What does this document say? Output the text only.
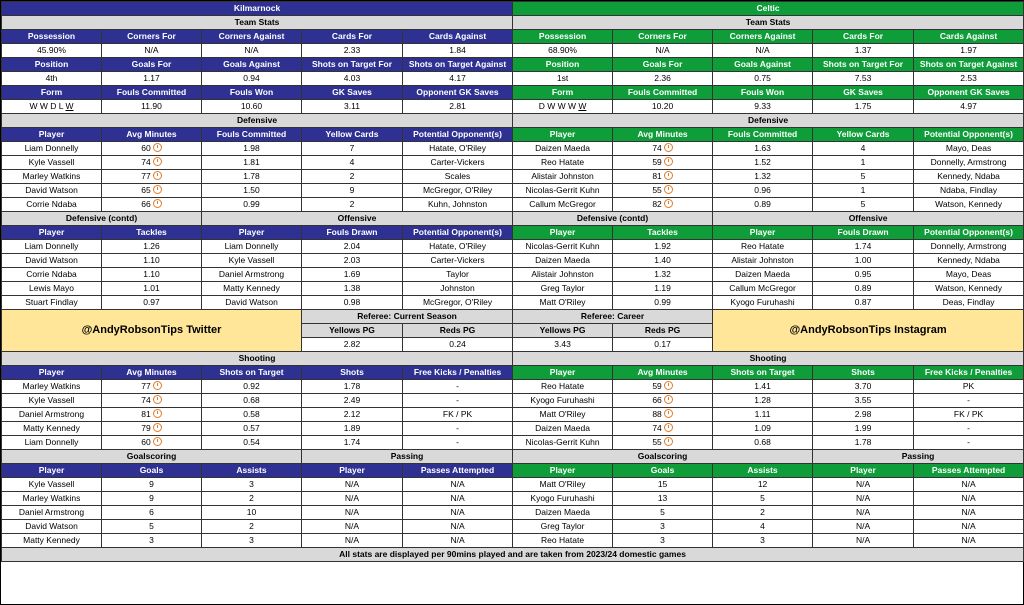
Kilmarnock					Celtic				
Team Stats					Team Stats				
Possession	Corners For	Corners Against	Cards For	Cards Against	Possession	Corners For	Corners Against	Cards For	Cards Against
45.90%	N/A	N/A	2.33	1.84	68.90%	N/A	N/A	1.37	1.97
Position	Goals For	Goals Against	Shots on Target For	Shots on Target Against	Position	Goals For	Goals Against	Shots on Target For	Shots on Target Against
4th	1.17	0.94	4.03	4.17	1st	2.36	0.75	7.53	2.53
Form	Fouls Committed	Fouls Won	GK Saves	Opponent GK Saves	Form	Fouls Committed	Fouls Won	GK Saves	Opponent GK Saves
W W D L W	11.90	10.60	3.11	2.81	D W W W W	10.20	9.33	1.75	4.97
Defensive					Defensive				
Player	Avg Minutes	Fouls Committed	Yellow Cards	Potential Opponent(s)	Player	Avg Minutes	Fouls Committed	Yellow Cards	Potential Opponent(s)
Liam Donnelly	60	1.98	7	Hatate, O'Riley	Daizen Maeda	74	1.63	4	Mayo, Deas
Kyle Vassell	74	1.81	4	Carter-Vickers	Reo Hatate	59	1.52	1	Donnelly, Armstrong
Marley Watkins	77	1.78	2	Scales	Alistair Johnston	81	1.32	5	Kennedy, Ndaba
David Watson	65	1.50	9	McGregor, O'Riley	Nicolas-Gerrit Kuhn	55	0.96	1	Ndaba, Findlay
Corrie Ndaba	66	0.99	2	Kuhn, Johnston	Callum McGregor	82	0.89	5	Watson, Kennedy
Defensive (contd)		Offensive			Defensive (contd)		Offensive		
Player	Tackles	Player	Fouls Drawn	Potential Opponent(s)	Player	Tackles	Player	Fouls Drawn	Potential Opponent(s)
Liam Donnelly	1.26	Liam Donnelly	2.04	Hatate, O'Riley	Nicolas-Gerrit Kuhn	1.92	Reo Hatate	1.74	Donnelly, Armstrong
David Watson	1.10	Kyle Vassell	2.03	Carter-Vickers	Daizen Maeda	1.40	Alistair Johnston	1.00	Kennedy, Ndaba
Corrie Ndaba	1.10	Daniel Armstrong	1.69	Taylor	Alistair Johnston	1.32	Daizen Maeda	0.95	Mayo, Deas
Lewis Mayo	1.01	Matty Kennedy	1.38	Johnston	Greg Taylor	1.19	Callum McGregor	0.89	Watson, Kennedy
Stuart Findlay	0.97	David Watson	0.98	McGregor, O'Riley	Matt O'Riley	0.99	Kyogo Furuhashi	0.87	Deas, Findlay
@AndyRobsonTips Twitter			Referee: Current Season		Referee: Career		@AndyRobsonTips Instagram		
			Yellows PG	Reds PG	Yellows PG	Reds PG			
			2.82	0.24	3.43	0.17			
Shooting					Shooting				
Player	Avg Minutes	Shots on Target	Shots	Free Kicks / Penalties	Player	Avg Minutes	Shots on Target	Shots	Free Kicks / Penalties
Marley Watkins	77	0.92	1.78	-	Reo Hatate	59	1.41	3.70	PK
Kyle Vassell	74	0.68	2.49	-	Kyogo Furuhashi	66	1.28	3.55	-
Daniel Armstrong	81	0.58	2.12	FK / PK	Matt O'Riley	88	1.11	2.98	FK / PK
Matty Kennedy	79	0.57	1.89	-	Daizen Maeda	74	1.09	1.99	-
Liam Donnelly	60	0.54	1.74	-	Nicolas-Gerrit Kuhn	55	0.68	1.78	-
Goalscoring			Passing		Goalscoring			Passing	
Player	Goals	Assists	Player	Passes Attempted	Player	Goals	Assists	Player	Passes Attempted
Kyle Vassell	9	3	N/A	N/A	Matt O'Riley	15	12	N/A	N/A
Marley Watkins	9	2	N/A	N/A	Kyogo Furuhashi	13	5	N/A	N/A
Daniel Armstrong	6	10	N/A	N/A	Daizen Maeda	5	2	N/A	N/A
David Watson	5	2	N/A	N/A	Greg Taylor	3	4	N/A	N/A
Matty Kennedy	3	3	N/A	N/A	Reo Hatate	3	3	N/A	N/A
All stats are displayed per 90mins played and are taken from 2023/24 domestic games									
